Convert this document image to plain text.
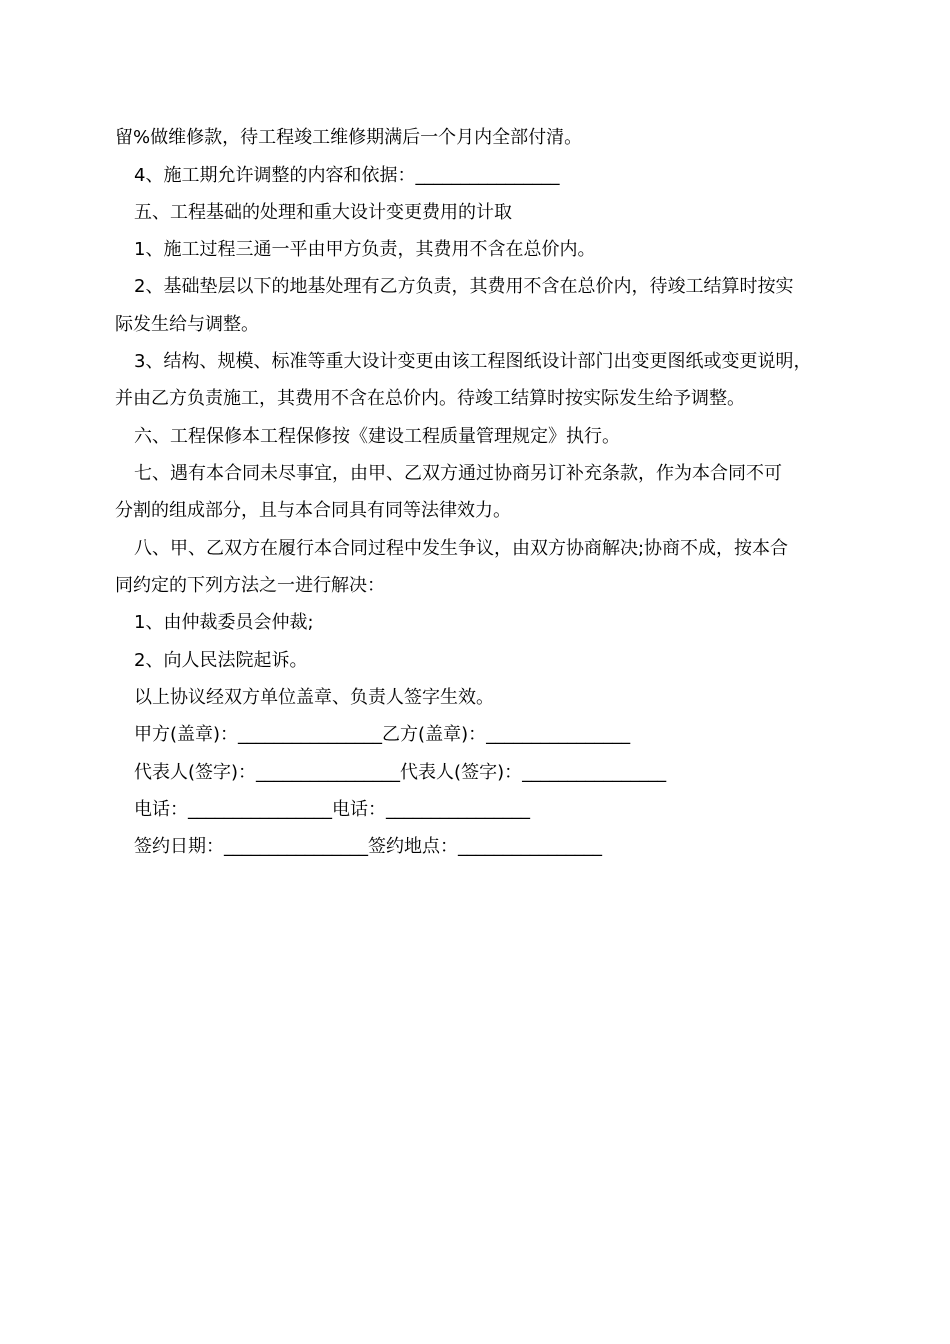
留%做维修款，待工程竣工维修期满后一个月内全部付清。
4、施工期允许调整的内容和依据：________________
五、工程基础的处理和重大设计变更费用的计取
1、施工过程三通一平由甲方负责，其费用不含在总价内。
2、基础垫层以下的地基处理有乙方负责，其费用不含在总价内，待竣工结算时按实
际发生给与调整。
3、结构、规模、标准等重大设计变更由该工程图纸设计部门出变更图纸或变更说明，
并由乙方负责施工，其费用不含在总价内。待竣工结算时按实际发生给予调整。
六、工程保修本工程保修按《建设工程质量管理规定》执行。
七、遇有本合同未尽事宜，由甲、乙双方通过协商另订补充条款，作为本合同不可
分割的组成部分，且与本合同具有同等法律效力。
八、甲、乙双方在履行本合同过程中发生争议，由双方协商解决;协商不成，按本合
同约定的下列方法之一进行解决：
1、由仲裁委员会仲裁;
2、向人民法院起诉。
以上协议经双方单位盖章、负责人签字生效。
甲方(盖章)：________________乙方(盖章)：________________
代表人(签字)：________________代表人(签字)：________________
电话：________________电话：________________
签约日期：________________签约地点：________________
